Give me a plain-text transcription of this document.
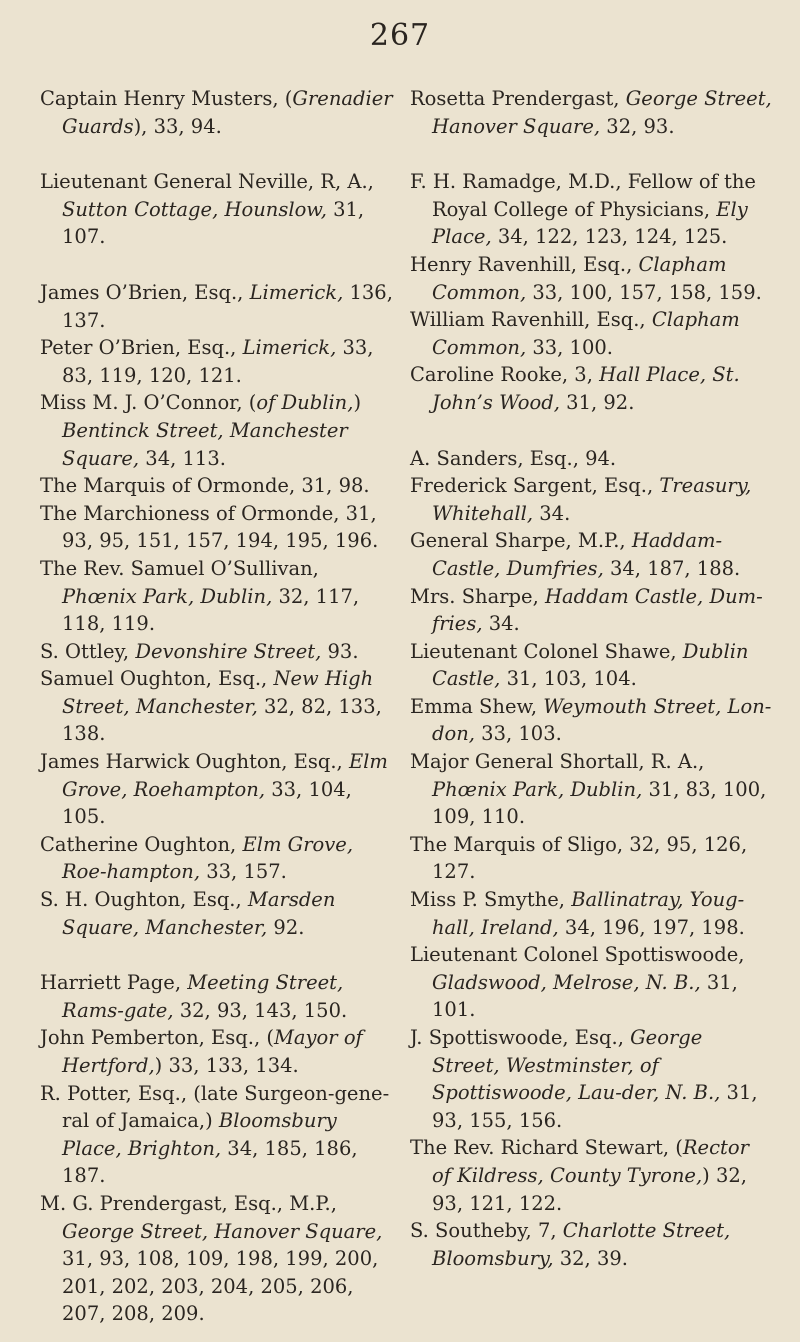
267
Captain Henry Musters, (Grenadier Guards), 33, 94.
Lieutenant General Neville, R, A., Sutton Cottage, Hounslow, 31, 107.
James O’Brien, Esq., Limerick, 136, 137.
Peter O’Brien, Esq., Limerick, 33, 83, 119, 120, 121.
Miss M. J. O’Connor, (of Dublin,) Bentinck Street, Manchester Square, 34, 113.
The Marquis of Ormonde, 31, 98.
The Marchioness of Ormonde, 31, 93, 95, 151, 157, 194, 195, 196.
The Rev. Samuel O’Sullivan, Phœnix Park, Dublin, 32, 117, 118, 119.
S. Ottley, Devonshire Street, 93.
Samuel Oughton, Esq., New High Street, Manchester, 32, 82, 133, 138.
James Harwick Oughton, Esq., Elm Grove, Roehampton, 33, 104, 105.
Catherine Oughton, Elm Grove, Roe-hampton, 33, 157.
S. H. Oughton, Esq., Marsden Square, Manchester, 92.
Harriett Page, Meeting Street, Rams-gate, 32, 93, 143, 150.
John Pemberton, Esq., (Mayor of Hertford,) 33, 133, 134.
R. Potter, Esq., (late Surgeon-gene-ral of Jamaica,) Bloomsbury Place, Brighton, 34, 185, 186, 187.
M. G. Prendergast, Esq., M.P., George Street, Hanover Square, 31, 93, 108, 109, 198, 199, 200, 201, 202, 203, 204, 205, 206, 207, 208, 209.
Rosetta Prendergast, George Street, Hanover Square, 32, 93.
F. H. Ramadge, M.D., Fellow of the Royal College of Physicians, Ely Place, 34, 122, 123, 124, 125.
Henry Ravenhill, Esq., Clapham Common, 33, 100, 157, 158, 159.
William Ravenhill, Esq., Clapham Common, 33, 100.
Caroline Rooke, 3, Hall Place, St. John’s Wood, 31, 92.
A. Sanders, Esq., 94.
Frederick Sargent, Esq., Treasury, Whitehall, 34.
General Sharpe, M.P., Haddam-Castle, Dumfries, 34, 187, 188.
Mrs. Sharpe, Haddam Castle, Dum-fries, 34.
Lieutenant Colonel Shawe, Dublin Castle, 31, 103, 104.
Emma Shew, Weymouth Street, Lon-don, 33, 103.
Major General Shortall, R. A., Phœnix Park, Dublin, 31, 83, 100, 109, 110.
The Marquis of Sligo, 32, 95, 126, 127.
Miss P. Smythe, Ballinatray, Youg-hall, Ireland, 34, 196, 197, 198.
Lieutenant Colonel Spottiswoode, Gladswood, Melrose, N. B., 31, 101.
J. Spottiswoode, Esq., George Street, Westminster, of Spottiswoode, Lau-der, N. B., 31, 93, 155, 156.
The Rev. Richard Stewart, (Rector of Kildress, County Tyrone,) 32, 93, 121, 122.
S. Southeby, 7, Charlotte Street, Bloomsbury, 32, 39.
